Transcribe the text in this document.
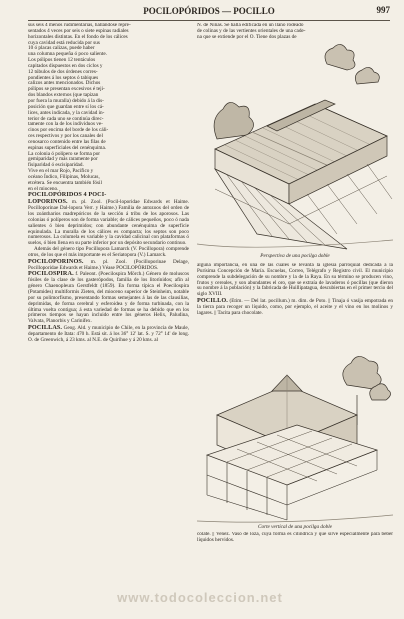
POCILOPÓRIDOS — POCILLO	997
sus seis 4 menos rudimentarias, hallándose repre-
sentados 4 veces por seis o siete espinas radiales
horizontales distintas. En el fondo de los cálices
cuya cavidad está reducida por sus
10 ó placas calizas, puede haber
una columna pequeña ó poco saliente.
Los pólipos tienen 12 tentáculos
capitados dispuestos en dos ciclos y
12 túbulos de dos órdenes corres-
pondientes á los septos ó tabiques
calizos antes mencionados. Dichos
pólipos se presentan excesivos é teji-
dos blandos externos (que tapizan
por fuera la muralla) debido á la dis-
posición que guardan entre sí los cá-
lices, antes indicada, y la cavidad in-
terior de cada uno se continúa direc-
tamente con la de los individuos ve-
cinos por encima del borde de los cáli-
ces respectivos y por los canales del
cenosarco contenido entre las filas de
espinas superficiales del cenénquima.
La colonia ó polípero se forma por
gemiparidad y más raramente por
fisiparidad ó escisiparidad.
Vive en el mar Rojo, Pacífico y
océano Índico, Filipinas, Molucas,
etcétera. Se encuentra también fósil
en el mioceno.

POCILOPÓRIDOS 4 POCI-
LOPORINOS. m. pl. Zool. (Pocil-loporidae Edwards et Haime. Pocilloporinae Dal-lopora Verr. y Haime.) Familia de antozoos del orden de los zoántharios madrepóricos de la sección á tribu de los aporosos. Las colonias ó políperos son de forma variable; de cálices pequeños, poco ó nada salientes ó bien deprimidos; con abundante cenénquima de superficie equinulada. La muralla de los cálices es compacta; los septos son poco numerosos. La columela es variable y la cavidad calicinal con plataformas ó suelos, ó bien llena en su parte inferior por un depósito secundario continuo.

Además del género tipo Pocillopora Lamarck (V. Pocillopora) comprende otros, de los que el más importante es el Seriatopora (V.) Lamarck.

POCILOPORINOS. m. pl. Zool. (Pocilloporinae Delage, Pocilloporidae Edwards et Haime.) Véase POCILOPÓRIDOS.

POCILOSPIRA. f. Paleont. (Poecilospira Mörch.) Género de moluscos fósiles de la clase de los gasterópodos, familia de los litorínidos; afín al género Chaenopleura Gerstfeldt (1859). En forma típica el Poecilospira (Potamides) multiformis Zieten, del mioceno superior de Steinheim, notable por su polimorfismo, presentando formas semejantes á las de las clausilias, deprimidas, de forma cerebral y esferoidea y de forma turbinada, con la última vuelta contigua; á esta variedad de formas se ha debido que en los primeros tiempos se hayan incluido entre los géneros Helix, Paludina, Valvata, Planorbis y Carinifex.

POCILLAS. Geog. Ald. y municipio de Chile, en la provincia de Maule, departamento de Itata: 470 h. Está sit. á los 36° 12' lat. S. y 72° 14' de long. O. de Greenwich, á 23 kms. al N.E. de Quirihue y á 20 kms. al

N. de Ñiñas. Se halla edificada en un llano rodeado
de colinas y de las vertientes orientales de una cade-
na que se extiende por el O. Tiene dos plazas de
Perspectiva de una pocilga doble

alguna importancia, en una de las cuales se levanta la iglesia parroquial dedicada á la Purísima Concepción de María. Escuelas, Correo, Telégrafo y Registro civil. El municipio comprende la subdelegación de su nombre y la de la Raya. En su término se producen vino, frutos y cereales, y son abundantes el oro, que se extraía de lavaderos ó pocillas (que dieron su nombre á la población) y la fabricada de Huillipatagua, descubiertas en el primer tercio del siglo XVIII.

POCILLO. (Etim. — Del lat. pocillum.) m. dim. de Poto. || Tinaja ó vasija empotrada en la tierra para recoger un líquido, como, por ejemplo, el aceite y el vino en los molinos y lagares. || Tacita para chocolate.

Corte vertical de una pocilga doble

colate. || Venez. Vaso de loza, cuya forma es cilíndrica y que sirve especialmente para beber líquidos hervidos.

www.todocoleccion.net
